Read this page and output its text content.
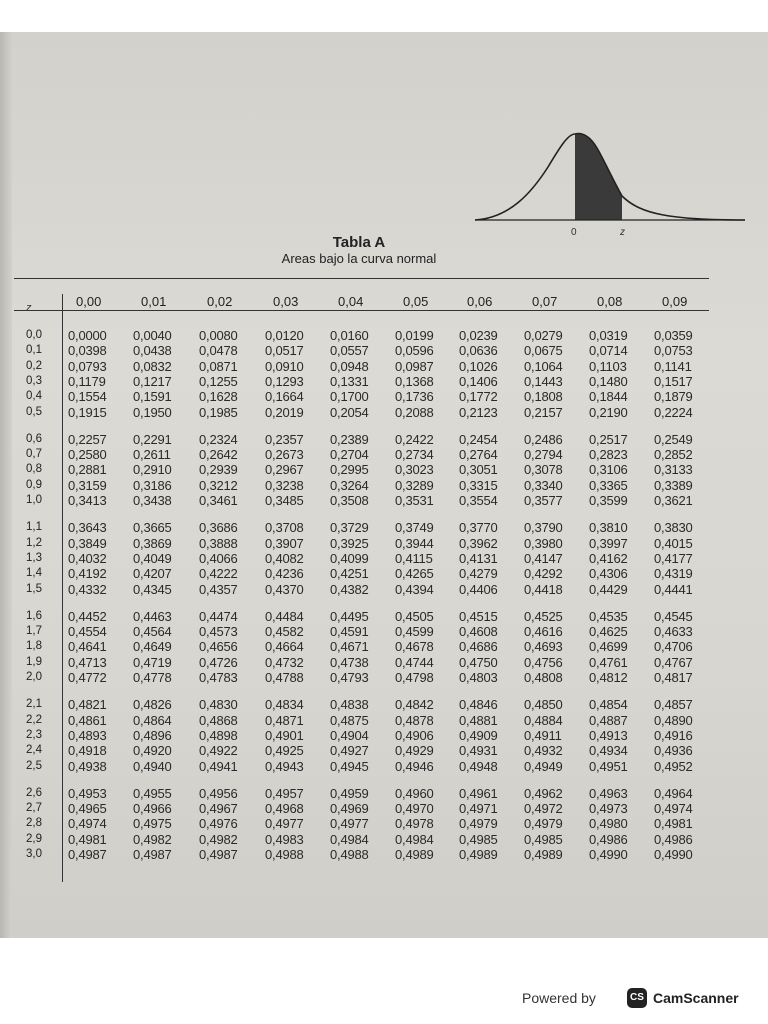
0	z
Tabla A
Areas bajo la curva normal
z	0,00	0,01	0,02	0,03	0,04	0,05	0,06	0,07	0,08	0,09
0,0 0,0000 0,0040 0,0080 0,0120 0,0160 0,0199 0,0239 0,0279 0,0319 0,0359
0,1 0,0398 0,0438 0,0478 0,0517 0,0557 0,0596 0,0636 0,0675 0,0714 0,0753
0,2 0,0793 0,0832 0,0871 0,0910 0,0948 0,0987 0,1026 0,1064 0,1103 0,1141
0,3 0,1179 0,1217 0,1255 0,1293 0,1331 0,1368 0,1406 0,1443 0,1480 0,1517
0,4 0,1554 0,1591 0,1628 0,1664 0,1700 0,1736 0,1772 0,1808 0,1844 0,1879
0,5 0,1915 0,1950 0,1985 0,2019 0,2054 0,2088 0,2123 0,2157 0,2190 0,2224
0,6 0,2257 0,2291 0,2324 0,2357 0,2389 0,2422 0,2454 0,2486 0,2517 0,2549
0,7 0,2580 0,2611 0,2642 0,2673 0,2704 0,2734 0,2764 0,2794 0,2823 0,2852
0,8 0,2881 0,2910 0,2939 0,2967 0,2995 0,3023 0,3051 0,3078 0,3106 0,3133
0,9 0,3159 0,3186 0,3212 0,3238 0,3264 0,3289 0,3315 0,3340 0,3365 0,3389
1,0 0,3413 0,3438 0,3461 0,3485 0,3508 0,3531 0,3554 0,3577 0,3599 0,3621
1,1 0,3643 0,3665 0,3686 0,3708 0,3729 0,3749 0,3770 0,3790 0,3810 0,3830
1,2 0,3849 0,3869 0,3888 0,3907 0,3925 0,3944 0,3962 0,3980 0,3997 0,4015
1,3 0,4032 0,4049 0,4066 0,4082 0,4099 0,4115 0,4131 0,4147 0,4162 0,4177
1,4 0,4192 0,4207 0,4222 0,4236 0,4251 0,4265 0,4279 0,4292 0,4306 0,4319
1,5 0,4332 0,4345 0,4357 0,4370 0,4382 0,4394 0,4406 0,4418 0,4429 0,4441
1,6 0,4452 0,4463 0,4474 0,4484 0,4495 0,4505 0,4515 0,4525 0,4535 0,4545
1,7 0,4554 0,4564 0,4573 0,4582 0,4591 0,4599 0,4608 0,4616 0,4625 0,4633
1,8 0,4641 0,4649 0,4656 0,4664 0,4671 0,4678 0,4686 0,4693 0,4699 0,4706
1,9 0,4713 0,4719 0,4726 0,4732 0,4738 0,4744 0,4750 0,4756 0,4761 0,4767
2,0 0,4772 0,4778 0,4783 0,4788 0,4793 0,4798 0,4803 0,4808 0,4812 0,4817
2,1 0,4821 0,4826 0,4830 0,4834 0,4838 0,4842 0,4846 0,4850 0,4854 0,4857
2,2 0,4861 0,4864 0,4868 0,4871 0,4875 0,4878 0,4881 0,4884 0,4887 0,4890
2,3 0,4893 0,4896 0,4898 0,4901 0,4904 0,4906 0,4909 0,4911 0,4913 0,4916
2,4 0,4918 0,4920 0,4922 0,4925 0,4927 0,4929 0,4931 0,4932 0,4934 0,4936
2,5 0,4938 0,4940 0,4941 0,4943 0,4945 0,4946 0,4948 0,4949 0,4951 0,4952
2,6 0,4953 0,4955 0,4956 0,4957 0,4959 0,4960 0,4961 0,4962 0,4963 0,4964
2,7 0,4965 0,4966 0,4967 0,4968 0,4969 0,4970 0,4971 0,4972 0,4973 0,4974
2,8 0,4974 0,4975 0,4976 0,4977 0,4977 0,4978 0,4979 0,4979 0,4980 0,4981
2,9 0,4981 0,4982 0,4982 0,4983 0,4984 0,4984 0,4985 0,4985 0,4986 0,4986
3,0 0,4987 0,4987 0,4987 0,4988 0,4988 0,4989 0,4989 0,4989 0,4990 0,4990
Powered by	CS CamScanner
